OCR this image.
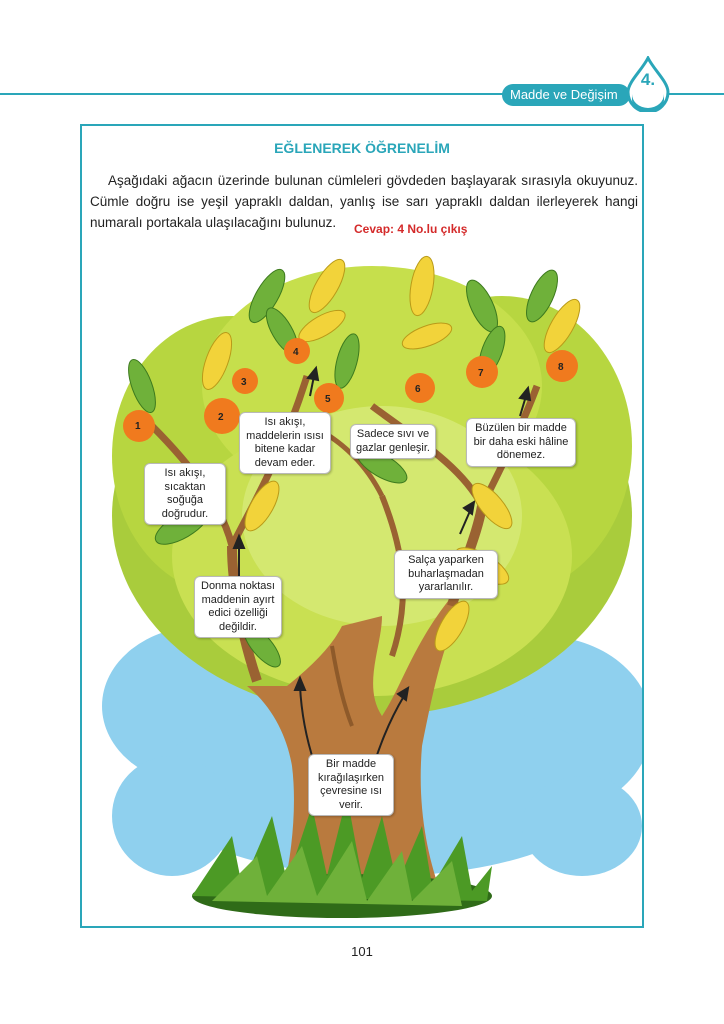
Madde ve Değişim
4.
Ünite
1
2
3
4
5
6
7
8
EĞLENEREK ÖĞRENELİM
Aşağıdaki ağacın üzerinde bulunan cümleleri gövdeden başlayarak sırasıyla okuyunuz. Cümle doğru ise yeşil yapraklı daldan, yanlış ise sarı yapraklı daldan ilerleyerek hangi numaralı portakala ulaşılacağını bulunuz.	Cevap: 4 No.lu çıkış
Isı akışı, maddelerin ısısı bitene kadar devam eder.
Isı akışı, sıcaktan soğuğa doğrudur.
Donma noktası maddenin ayırt edici özelliği değildir.
Sadece sıvı ve gazlar genleşir.
Büzülen bir madde bir daha eski hâline dönemez.
Salça yaparken buharlaşmadan yararlanılır.
Bir madde kırağılaşırken çevresine ısı verir.
101
